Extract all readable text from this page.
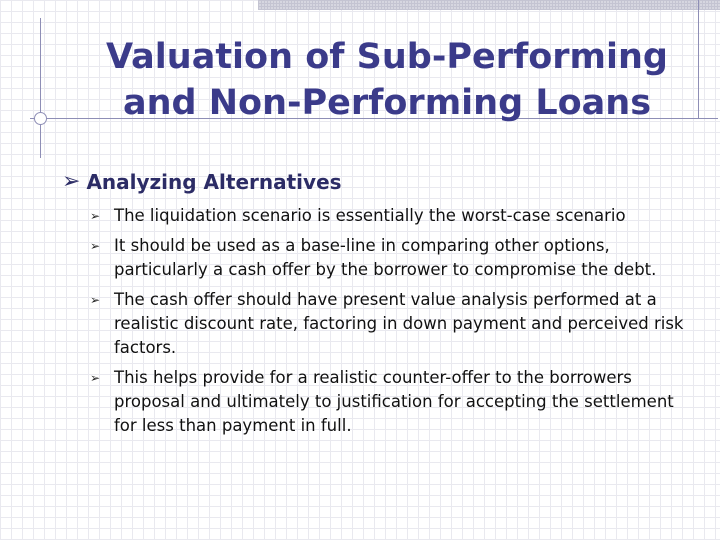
Valuation of Sub-Performing
and Non-Performing Loans
➢ Analyzing Alternatives
➢ The liquidation scenario is essentially the worst-case scenario
➢ It should be used as a base-line in comparing other options, particularly a cash offer by the borrower to compromise the debt.
➢ The cash offer should have present value analysis performed at a realistic discount rate, factoring in down payment and perceived risk factors.
➢ This helps provide for a realistic counter-offer to the borrowers proposal and ultimately to justification for accepting the settlement for less than payment in full.
